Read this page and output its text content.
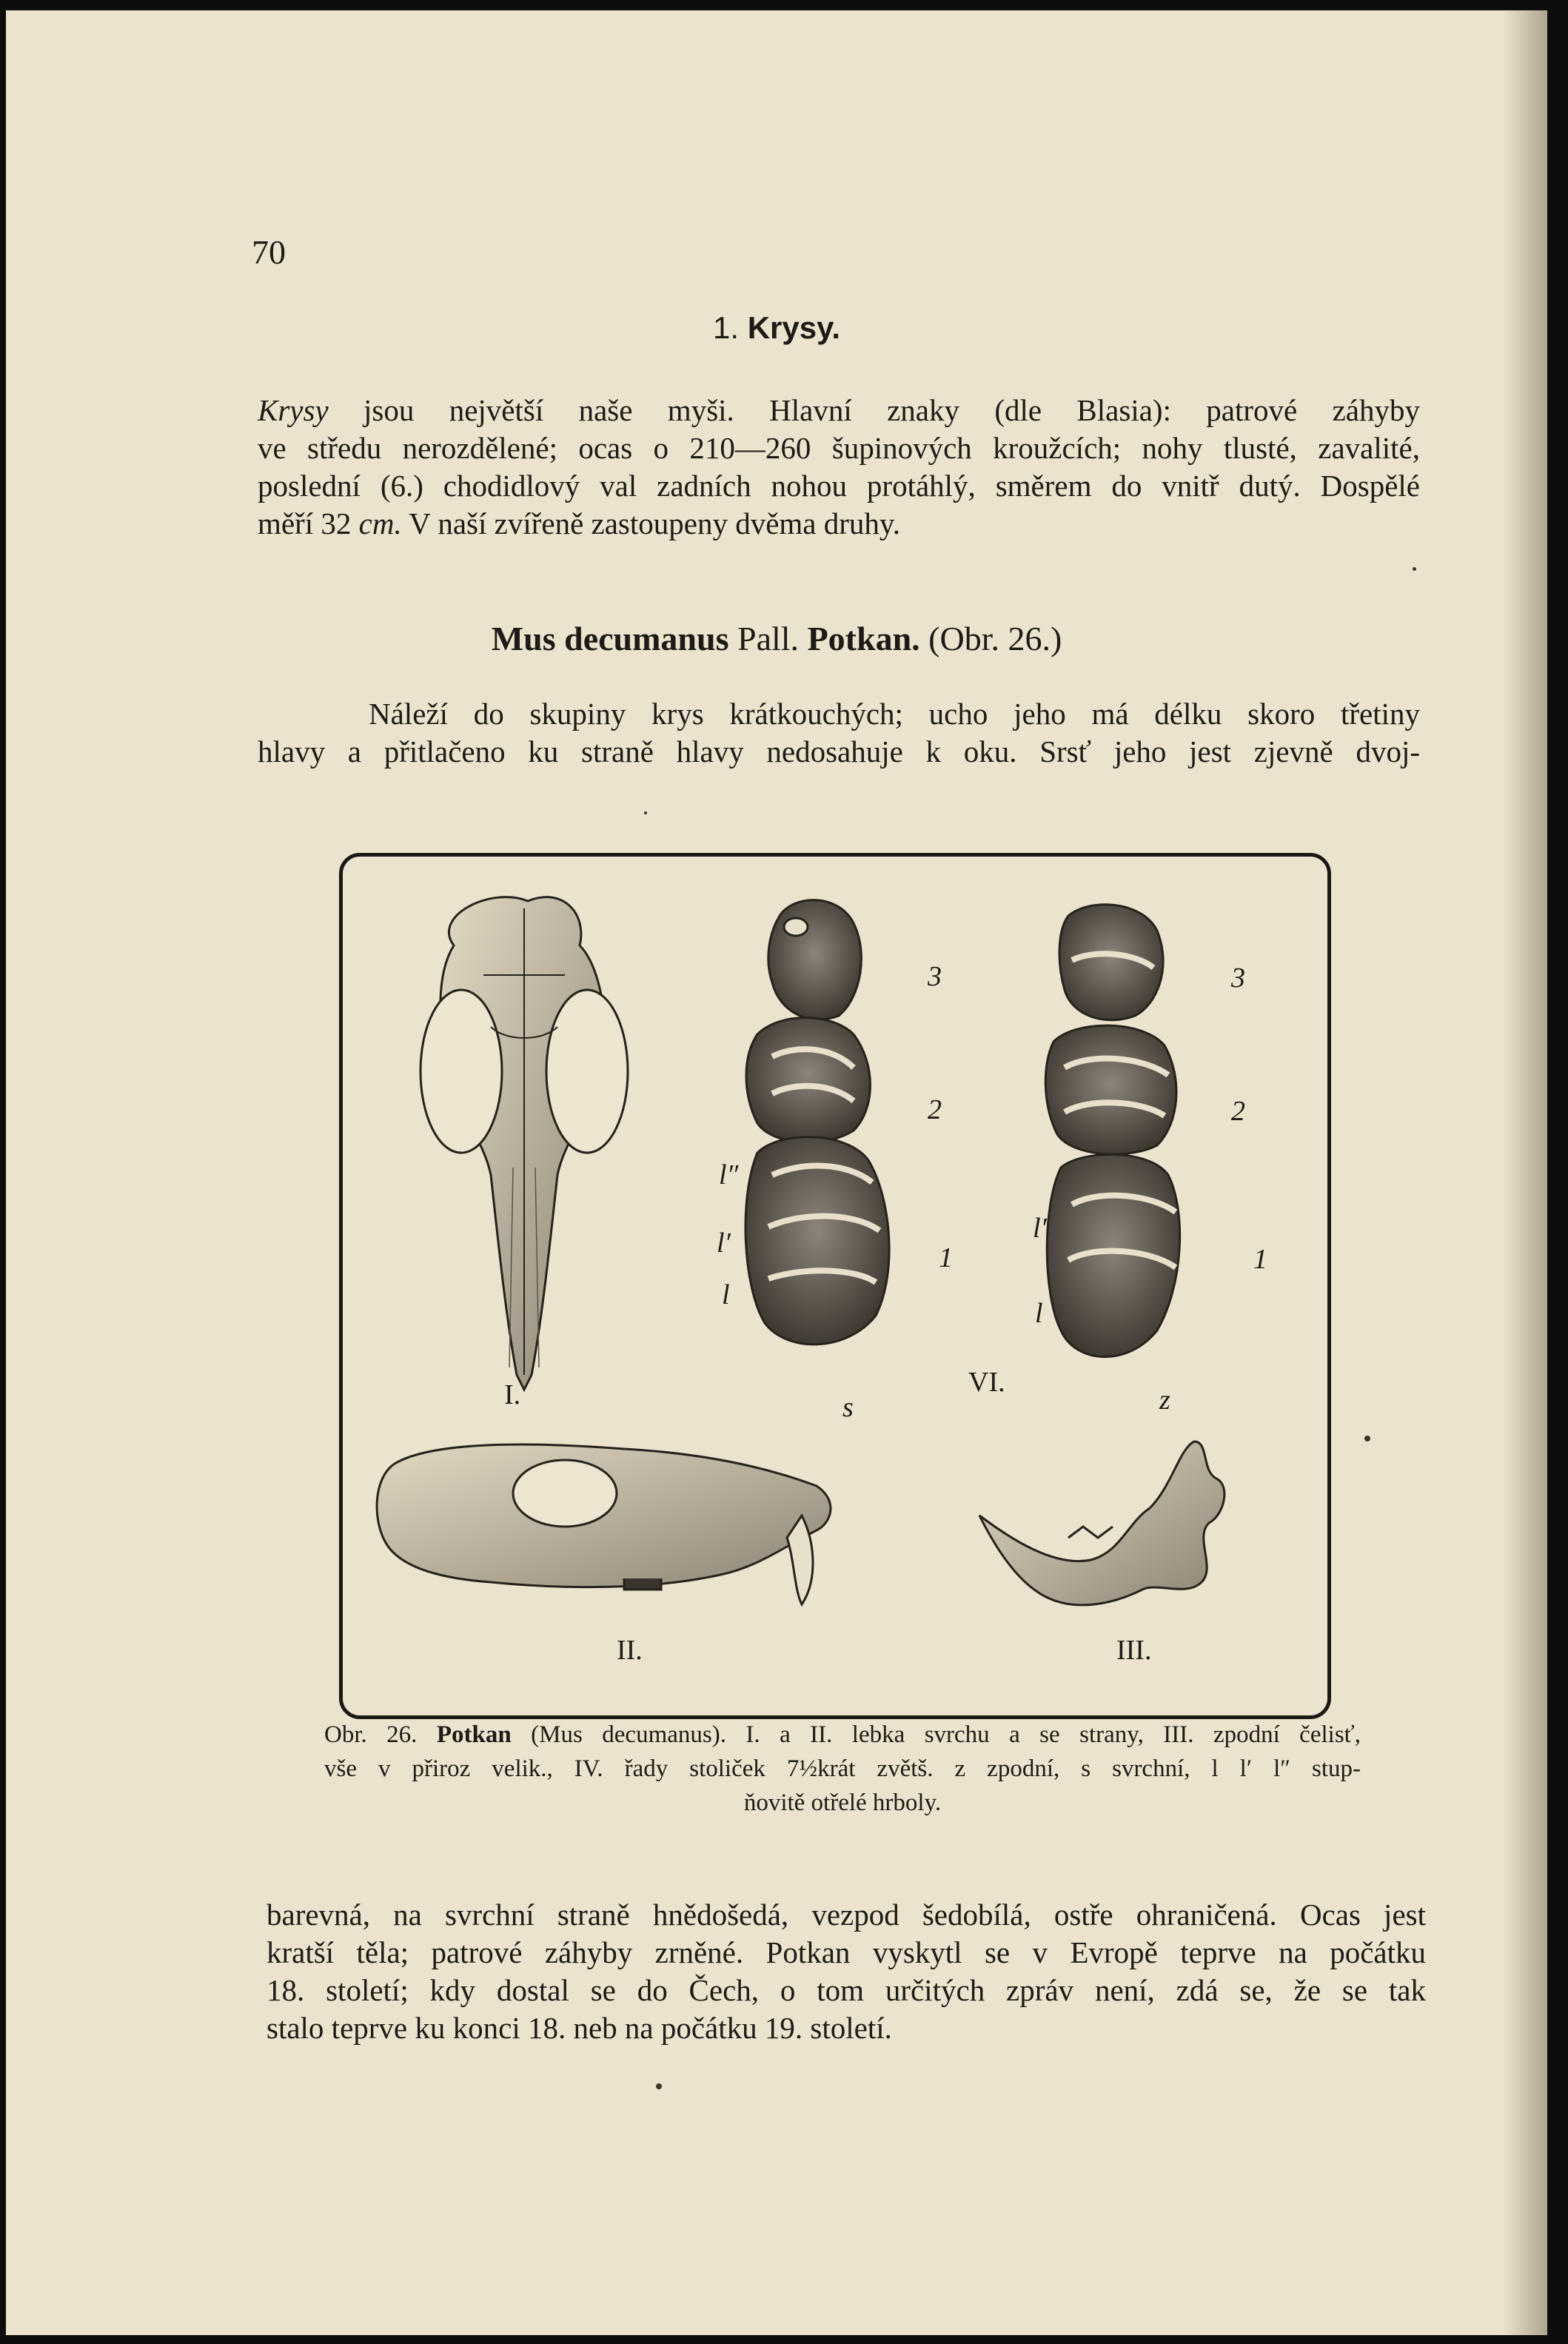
70
1. Krysy.
Krysy jsou největší naše myši. Hlavní znaky (dle Blasia): patrové záhyby
ve středu nerozdělené; ocas o 210—260 šupinových kroužcích; nohy tlusté, zavalité,
poslední (6.) chodidlový val zadních nohou protáhlý, směrem do vnitř dutý. Dospělé
měří 32 cm. V naší zvířeně zastoupeny dvěma druhy.
Mus decumanus Pall. Potkan. (Obr. 26.)
Náleží do skupiny krys krátkouchých; ucho jeho má délku skoro třetiny
hlavy a přitlačeno ku straně hlavy nedosahuje k oku. Srsť jeho jest zjevně dvoj-
I.	s
VI.
z
3
2
1
3
2
1
l″
l′
l
l′
l
II.	III.
Obr. 26. Potkan (Mus decumanus). I. a II. lebka svrchu a se strany, III. zpodní čelisť,
vše v přiroz velik., IV. řady stoliček 7½krát zvětš. z zpodní, s svrchní, l l′ l″ stup-
ňovitě otřelé hrboly.
barevná, na svrchní straně hnědošedá, vezpod šedobílá, ostře ohraničená. Ocas jest
kratší těla; patrové záhyby zrněné. Potkan vyskytl se v Evropě teprve na počátku
18. století; kdy dostal se do Čech, o tom určitých zpráv není, zdá se, že se tak
stalo teprve ku konci 18. neb na počátku 19. století.
